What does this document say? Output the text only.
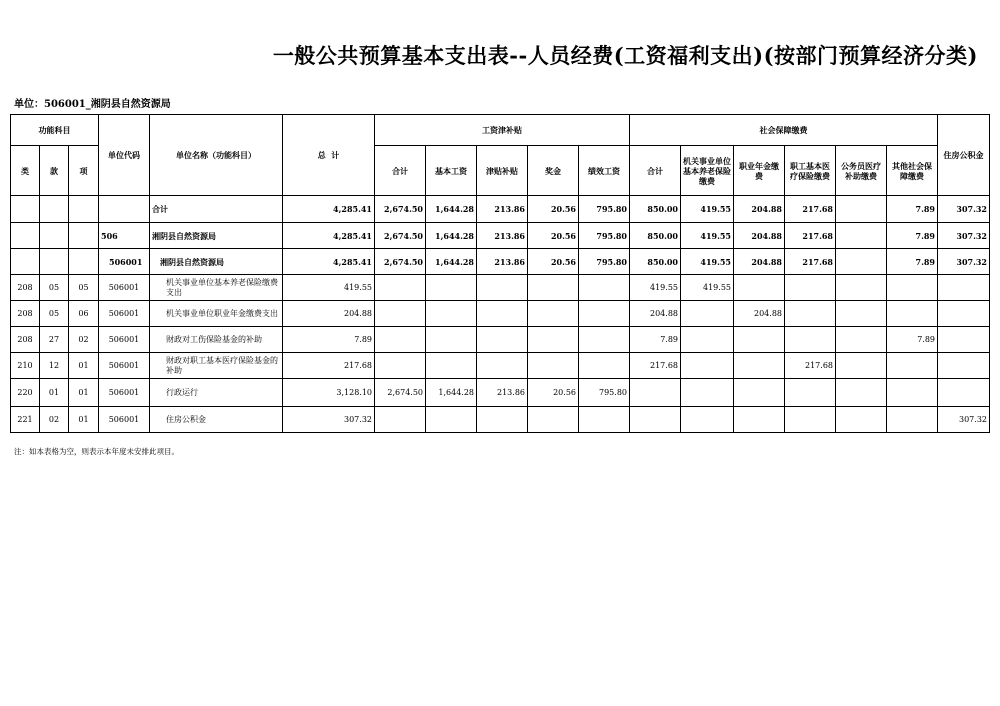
一般公共预算基本支出表--人员经费(工资福利支出)(按部门预算经济分类)
单位：506001_湘阴县自然资源局
功能科目			单位代码	单位名称（功能科目）	总  计	工资津补贴					社会保障缴费						住房公积金
类	款	项				合计	基本工资	津贴补贴	奖金	绩效工资	合计	机关事业单位基本养老保险缴费	职业年金缴费	职工基本医疗保险缴费	公务员医疗补助缴费	其他社会保障缴费	
				合计	4,285.41	2,674.50	1,644.28	213.86	20.56	795.80	850.00	419.55	204.88	217.68		7.89	307.32
			506	湘阴县自然资源局	4,285.41	2,674.50	1,644.28	213.86	20.56	795.80	850.00	419.55	204.88	217.68		7.89	307.32
			506001	湘阴县自然资源局	4,285.41	2,674.50	1,644.28	213.86	20.56	795.80	850.00	419.55	204.88	217.68		7.89	307.32
208	05	05	506001	机关事业单位基本养老保险缴费支出	419.55						419.55	419.55					
208	05	06	506001	机关事业单位职业年金缴费支出	204.88						204.88		204.88				
208	27	02	506001	财政对工伤保险基金的补助	7.89						7.89					7.89	
210	12	01	506001	财政对职工基本医疗保险基金的补助	217.68						217.68			217.68			
220	01	01	506001	行政运行	3,128.10	2,674.50	1,644.28	213.86	20.56	795.80							
221	02	01	506001	住房公积金	307.32												307.32
注：如本表格为空，则表示本年度未安排此项目。
